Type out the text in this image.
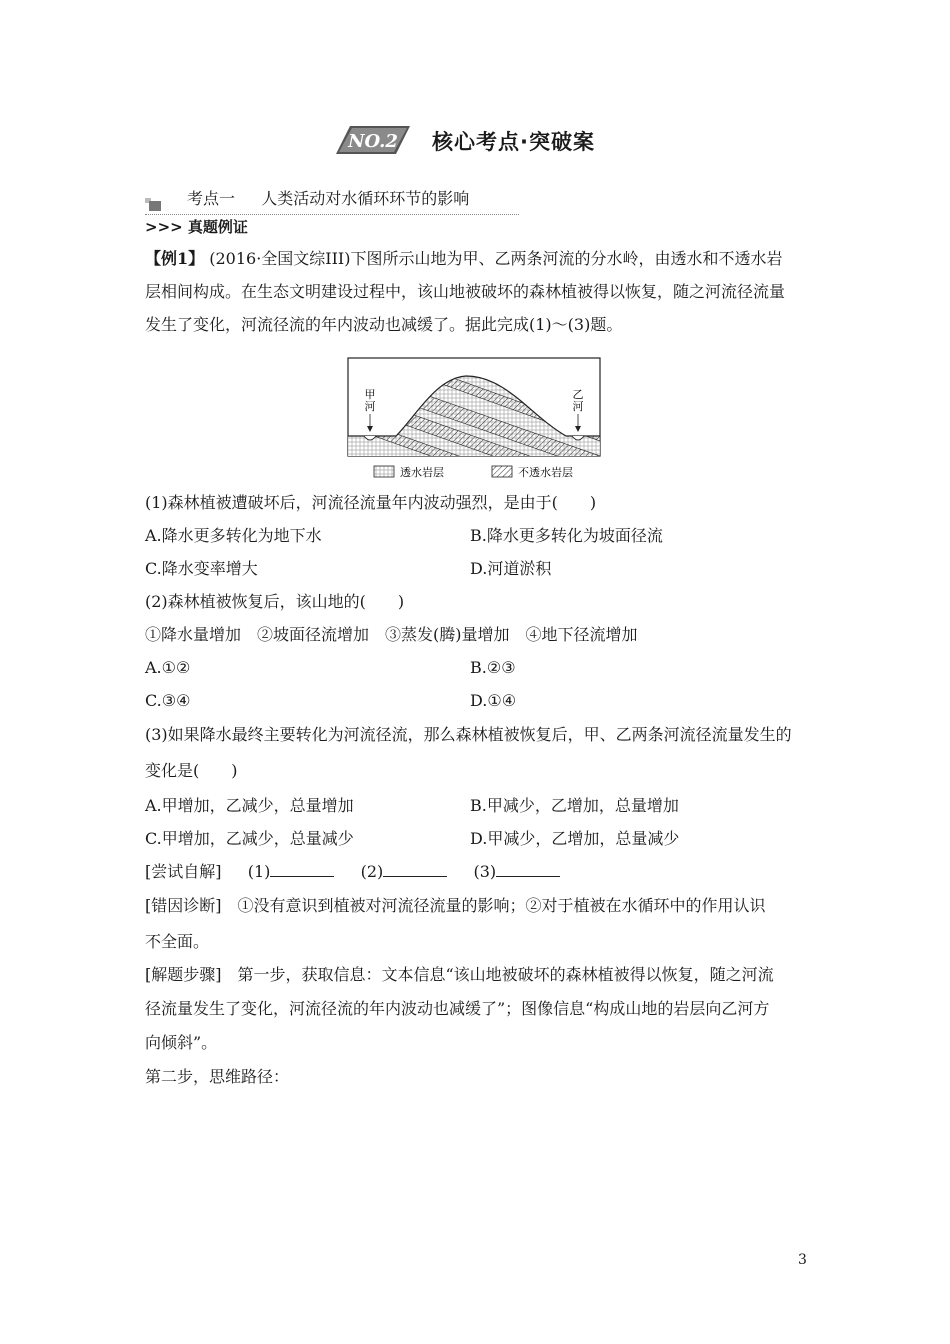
NO.2 核心考点·突破案
考点一 　 人类活动对水循环环节的影响
>>> 真题例证
【例1】 (2016·全国文综III)下图所示山地为甲、乙两条河流的分水岭，由透水和不透水岩
层相间构成。在生态文明建设过程中，该山地被破坏的森林植被得以恢复，随之河流径流量
发生了变化，河流径流的年内波动也减缓了。据此完成(1)～(3)题。
甲
河
乙
河
透水岩层	不透水岩层
(1)森林植被遭破坏后，河流径流量年内波动强烈，是由于(　　)
A.降水更多转化为地下水	B.降水更多转化为坡面径流
C.降水变率增大	D.河道淤积
(2)森林植被恢复后，该山地的(　　)
①降水量增加　②坡面径流增加　③蒸发(腾)量增加　④地下径流增加
A.①②	B.②③
C.③④	D.①④
(3)如果降水最终主要转化为河流径流，那么森林植被恢复后，甲、乙两条河流径流量发生的
变化是(　　)
A.甲增加，乙减少，总量增加	B.甲减少，乙增加，总量增加
C.甲增加，乙减少，总量减少	D.甲减少，乙增加，总量减少
[尝试自解] 　 (1) 　	(2) 　	(3)
[错因诊断]　①没有意识到植被对河流径流量的影响；②对于植被在水循环中的作用认识
不全面。
[解题步骤]　第一步，获取信息：文本信息“该山地被破坏的森林植被得以恢复，随之河流
径流量发生了变化，河流径流的年内波动也减缓了”；图像信息“构成山地的岩层向乙河方
向倾斜”。
第二步，思维路径：
3
